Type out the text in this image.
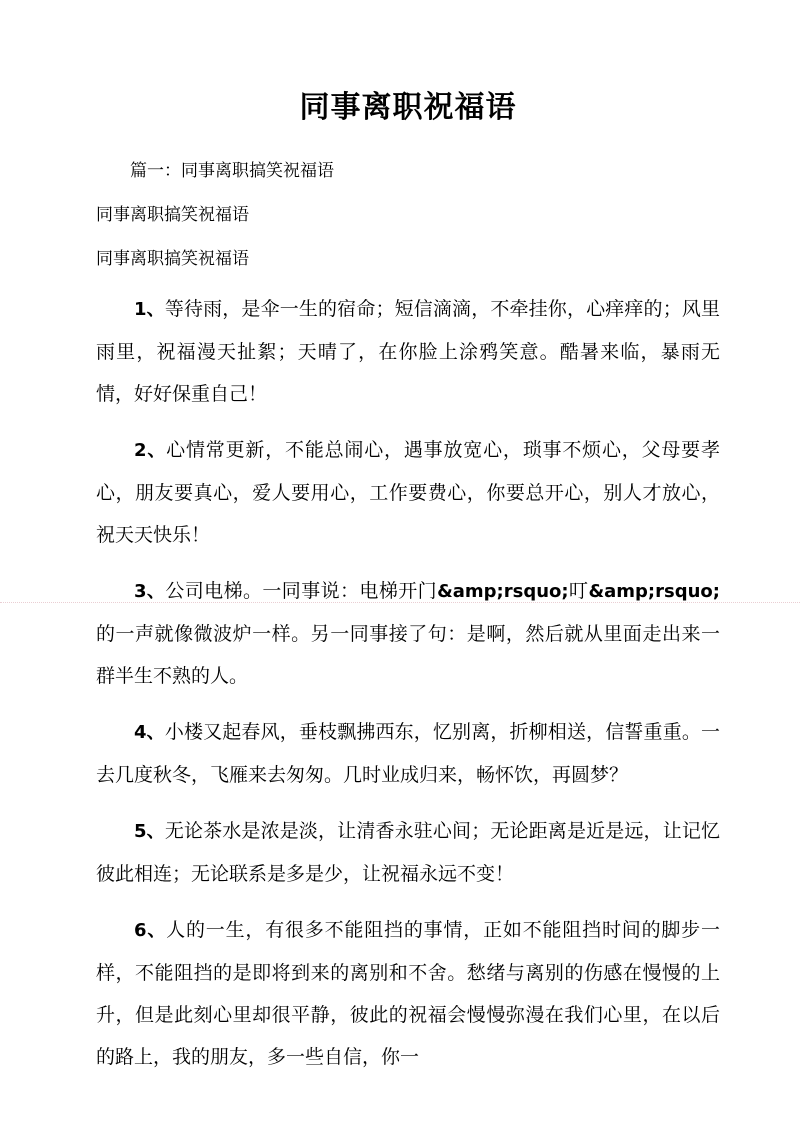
同事离职祝福语

篇一：同事离职搞笑祝福语

同事离职搞笑祝福语

同事离职搞笑祝福语

1、等待雨，是伞一生的宿命；短信滴滴，不牵挂你，心痒痒的；风里雨里，祝福漫天扯絮；天晴了，在你脸上涂鸦笑意。酷暑来临，暴雨无情，好好保重自己！

2、心情常更新，不能总闹心，遇事放宽心，琐事不烦心，父母要孝心，朋友要真心，爱人要用心，工作要费心，你要总开心，别人才放心，祝天天快乐！

3、公司电梯。一同事说：电梯开门&amp;rsquo;叮&amp;rsquo;的一声就像微波炉一样。另一同事接了句：是啊，然后就从里面走出来一群半生不熟的人。

4、小楼又起春风，垂枝飘拂西东，忆别离，折柳相送，信誓重重。一去几度秋冬，飞雁来去匆匆。几时业成归来，畅怀饮，再圆梦？

5、无论茶水是浓是淡，让清香永驻心间；无论距离是近是远，让记忆彼此相连；无论联系是多是少，让祝福永远不变！

6、人的一生，有很多不能阻挡的事情，正如不能阻挡时间的脚步一样，不能阻挡的是即将到来的离别和不舍。愁绪与离别的伤感在慢慢的上升，但是此刻心里却很平静，彼此的祝福会慢慢弥漫在我们心里，在以后的路上，我的朋友，多一些自信，你一
